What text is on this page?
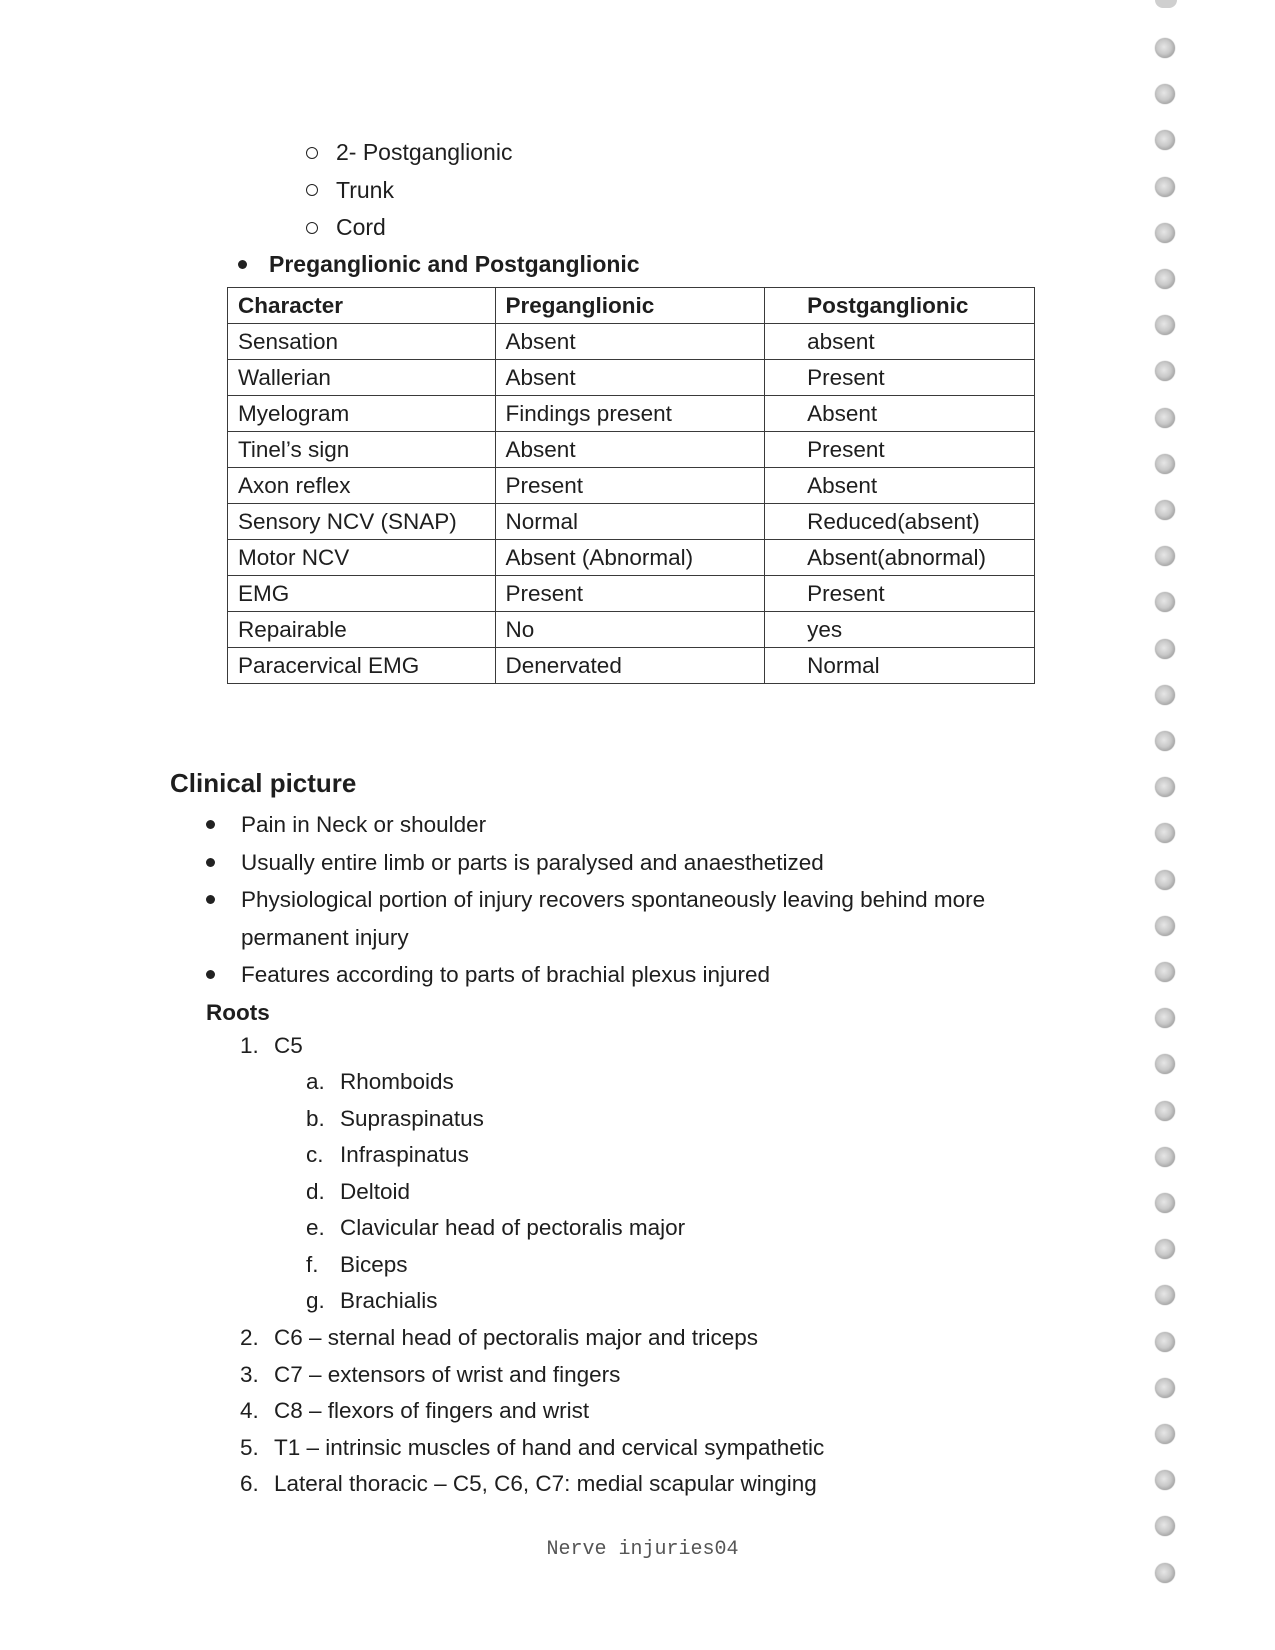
2- Postganglionic
Trunk
Cord
Preganglionic and Postganglionic
Character	Preganglionic	Postganglionic
Sensation	Absent	absent
Wallerian	Absent	Present
Myelogram	Findings present	Absent
Tinel’s sign	Absent	Present
Axon reflex	Present	Absent
Sensory NCV (SNAP)	Normal	Reduced(absent)
Motor NCV	Absent (Abnormal)	Absent(abnormal)
EMG	Present	Present
Repairable	No	yes
Paracervical EMG	Denervated	Normal
Clinical picture
Pain in Neck or shoulder
Usually entire limb or parts is paralysed and anaesthetized
Physiological portion of injury recovers spontaneously leaving behind more permanent injury
Features according to parts of brachial plexus injured
Roots
1. C5
a. Rhomboids
b. Supraspinatus
c. Infraspinatus
d. Deltoid
e. Clavicular head of pectoralis major
f. Biceps
g. Brachialis
2. C6 – sternal head of pectoralis major and triceps
3. C7 – extensors of wrist and fingers
4. C8 – flexors of fingers and wrist
5. T1 – intrinsic muscles of hand and cervical sympathetic
6. Lateral thoracic – C5, C6, C7: medial scapular winging
Nerve injuries04
